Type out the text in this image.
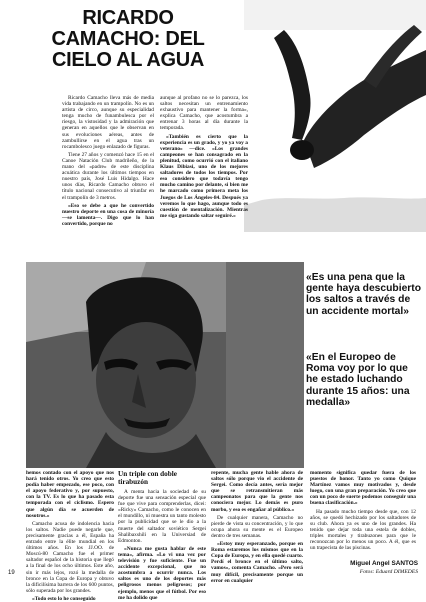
RICARDO CAMACHO: DEL CIELO AL AGUA

Ricardo Camacho lleva más de media vida trabajando en un trampolín. No es un artista de circo, aunque su especialidad tenga mucho de funambulesca por el riesgo, la vistosidad y la admiración que generan en aquellos que le observan en sus evoluciones aéreas, antes de zambullirse en el agua tras un rocambolesco juego enlazado de figuras.

Tiene 27 años y comenzó hace 15 en el Canoe Natación Club madrileño, de la mano del «padre» de este disciplina acuática durante los últimos tiempos en nuestro país, José Luis Hidalgo. Hace unos días, Ricardo Camacho obtuvo el título nacional consecutivo al triunfar en el trampolín de 3 metros.

«Eso se debe a que he convertido nuestro deporte en una cosa de minoría —se lamenta—. Digo que lo han convertido, porque no

aunque al profano no se lo parezca, los saltos necesitan un entrenamiento exhaustivo para mantener la forma», explica Camacho, que acostumbra a entrenar 3 horas al día durante la temporada.

«También es cierto que la experiencia es un grado, y yo ya voy a veterano» —dice. «Los grandes campeones se han consagrado en la plenitud, como ocurrió con el italiano Klaus Dibiasi, uno de los mejores saltadores de todos los tiempos. Por eso considero que todavía tengo mucho camino por delante, si bien me he marcado como primera meta los Juegos de Los Ángeles-84. Después ya veremos lo que hago, aunque todo es cuestión de mentalización. Mientras me siga gustando saltar seguiré.»

«Es una pena que la gente haya descubierto los saltos a través de un accidente mortal»

«En el Europeo de Roma voy por lo que he estado luchando durante 15 años: una medalla»

hemos contado con el apoyo que nos hará tenido otros. Yo creo que esto podía haber empezado, ese poco, con el apoyo federativo y, por supuesto, con la TV. Es lo que ha pasado esta temporada con el ciclismo. Espero que algún día se acuerden de nosotros.»

Camacho acusa de indolencia hacia los saltos. Nadie puede negarle que, precisamente gracias a él, España ha entrado entre la élite mundial en los últimos años. En los JJ.OO. de Moscú-80 Camacho fue el primer saltador español de la historia que llegó a la final de los ocho últimos. Este año, sin ir más lejos, rozó la medalla de bronce en la Copa de Europa y obtuvo la dificilísima barrera de los 600 puntos, sólo superada por los grandes.

«Todo esto lo he conseguido

Un triple con doble tirabuzón

A menta hacia la sociedad de su deporte fue una sensación especial que fue que vive para comprenderlas, dicei: «Ricky» Camacho, como le conocen en el mundillo, ni muestra un tanto molesto por la publicidad que se le dio a la muerte del saltador soviético Sergei Shalibaxshili en la Universiad de Edmonton.

«Nunca me gusta hablar de este tema», afirma. «Lo vi una vez por televisión y fue suficiente. Fue un accidente excepcional, que no acostumbra a ocurrir nunca. Los saltos es uno de los deportes más peligrosos menos peligrosos; por ejemplo, menos que el fútbol. Por eso me ha dolido que

repente, mucha gente hable ahora de saltos sólo porque vio el accidente de Sergei. Como decía antes, sería mejor que se retransmitieran más campeonatos para que la gente nos conociera mejor. Lo demás es puro morbo, y eso es engañar al público.»

De cualquier manera, Camacho no pierde de vista su concentración, y lo que ocupa ahora su mente es el Europeo dentro de tres semanas.

«Estoy muy esperanzado, porque en Roma estaremos los mismos que en la Copa de Europa, y en ella quedé cuarto. Perdí el bronce en el último salto, vamos», comenta Camacho. «Pero será muy difícil, precisamente porque un error en cualquier

momento significa quedar fuera de los puestos de honor. Tanto yo como Quique Martínez vamos muy motivados y, desde luego, con una gran preparación. Yo creo que con un poco de suerte podemos conseguir una buena clasificación.»

Ha pasado mucho tiempo desde que, con 12 años, se quedó hechizado por los saltadores de su club. Ahora ya es uno de los grandes. Ha tenido que dejar toda una estela de dobles, triples mortales y tirabuzones para que le reconozcan por lo menos un poco. A él, que es un trapecista de las piscinas.

Miguel Angel SANTOS

Fotos: Eduard DIMEDES

19
